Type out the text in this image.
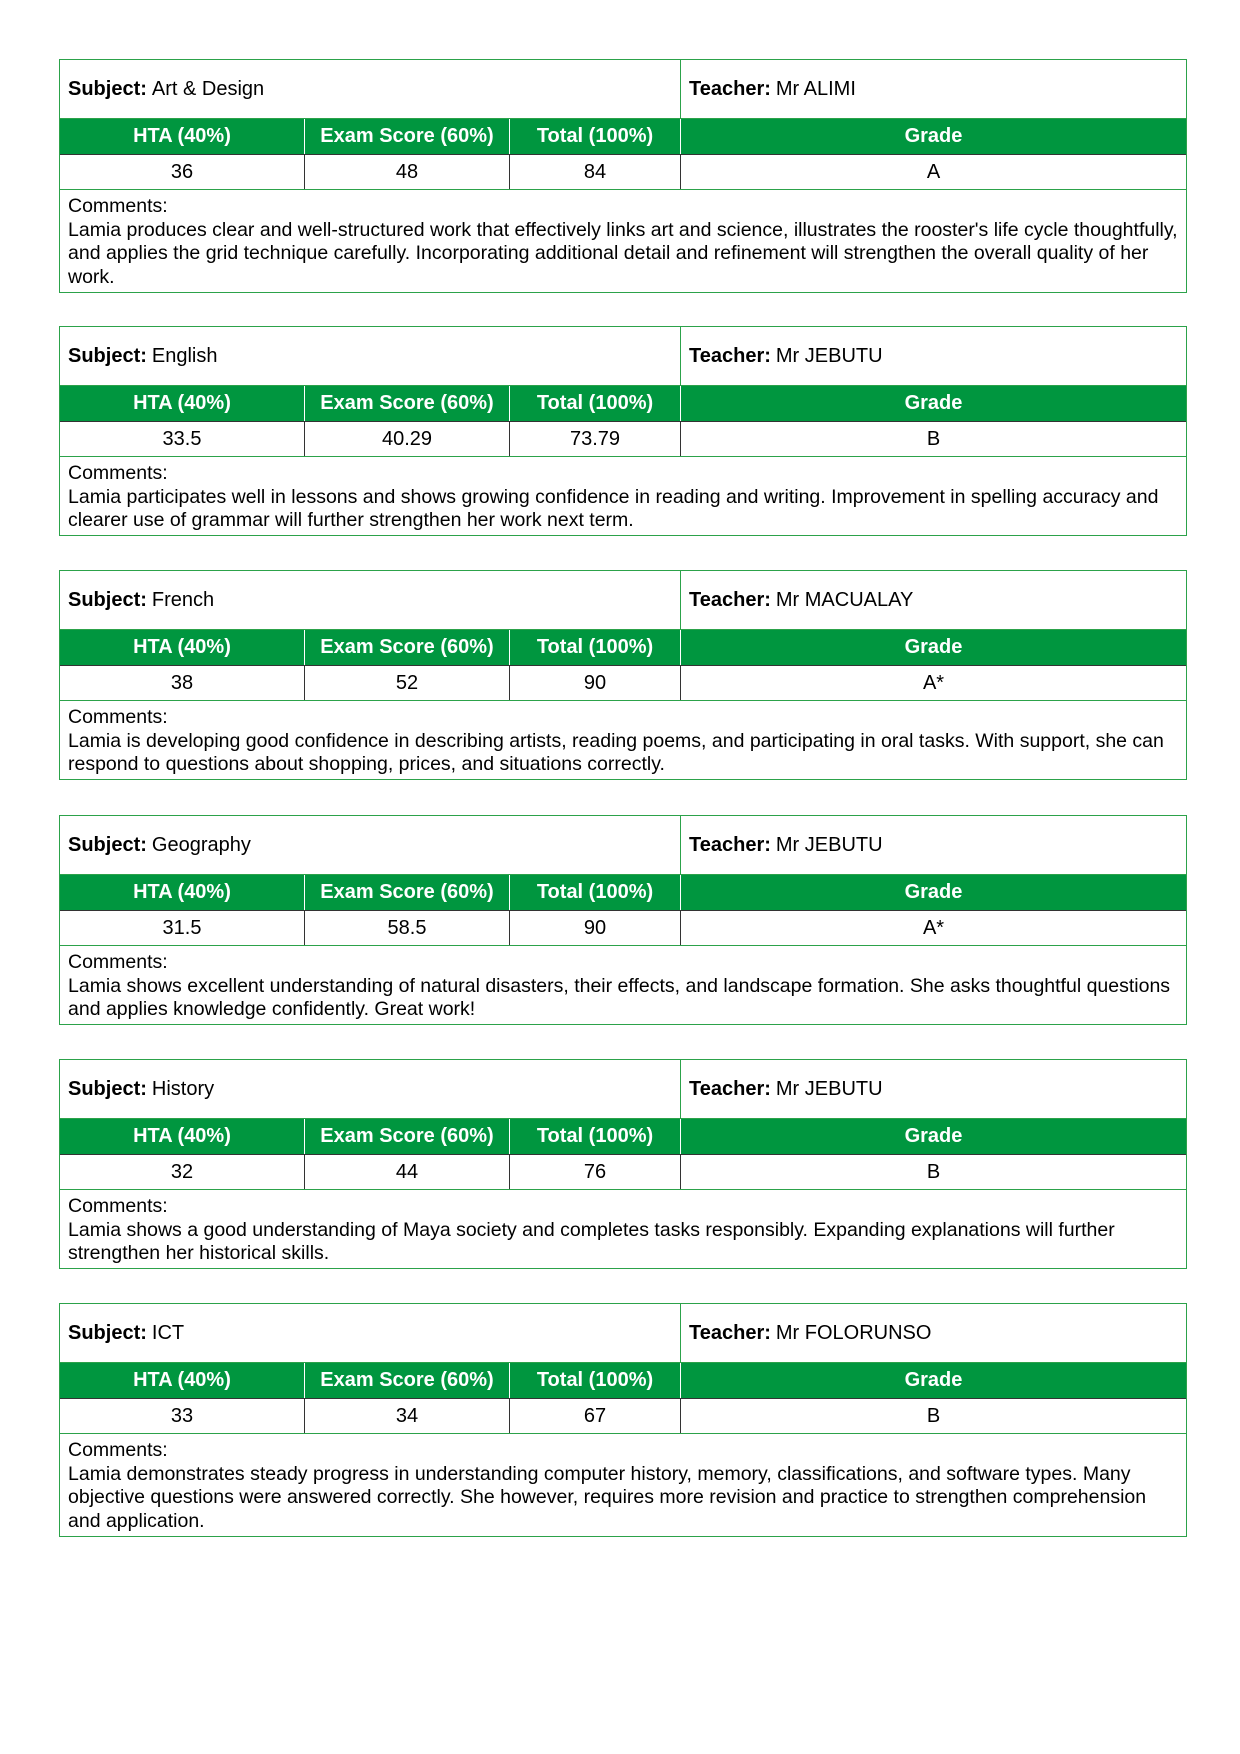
Subject: Art & Design	Teacher: Mr ALIMI
HTA (40%)	Exam Score (60%)	Total (100%)	Grade
36	48	84	A
Comments:
Lamia produces clear and well-structured work that effectively links art and science, illustrates the rooster's life cycle thoughtfully, and applies the grid technique carefully. Incorporating additional detail and refinement will strengthen the overall quality of her work.
Subject: English	Teacher: Mr JEBUTU
HTA (40%)	Exam Score (60%)	Total (100%)	Grade
33.5	40.29	73.79	B
Comments:
Lamia participates well in lessons and shows growing confidence in reading and writing. Improvement in spelling accuracy and clearer use of grammar will further strengthen her work next term.
Subject: French	Teacher: Mr MACUALAY
HTA (40%)	Exam Score (60%)	Total (100%)	Grade
38	52	90	A*
Comments:
Lamia is developing good confidence in describing artists, reading poems, and participating in oral tasks. With support, she can respond to questions about shopping, prices, and situations correctly.
Subject: Geography	Teacher: Mr JEBUTU
HTA (40%)	Exam Score (60%)	Total (100%)	Grade
31.5	58.5	90	A*
Comments:
Lamia shows excellent understanding of natural disasters, their effects, and landscape formation. She asks thoughtful questions and applies knowledge confidently. Great work!
Subject: History	Teacher: Mr JEBUTU
HTA (40%)	Exam Score (60%)	Total (100%)	Grade
32	44	76	B
Comments:
Lamia shows a good understanding of Maya society and completes tasks responsibly. Expanding explanations will further strengthen her historical skills.
Subject: ICT	Teacher: Mr FOLORUNSO
HTA (40%)	Exam Score (60%)	Total (100%)	Grade
33	34	67	B
Comments:
Lamia demonstrates steady progress in understanding computer history, memory, classifications, and software types. Many objective questions were answered correctly. She however, requires more revision and practice to strengthen comprehension and application.
